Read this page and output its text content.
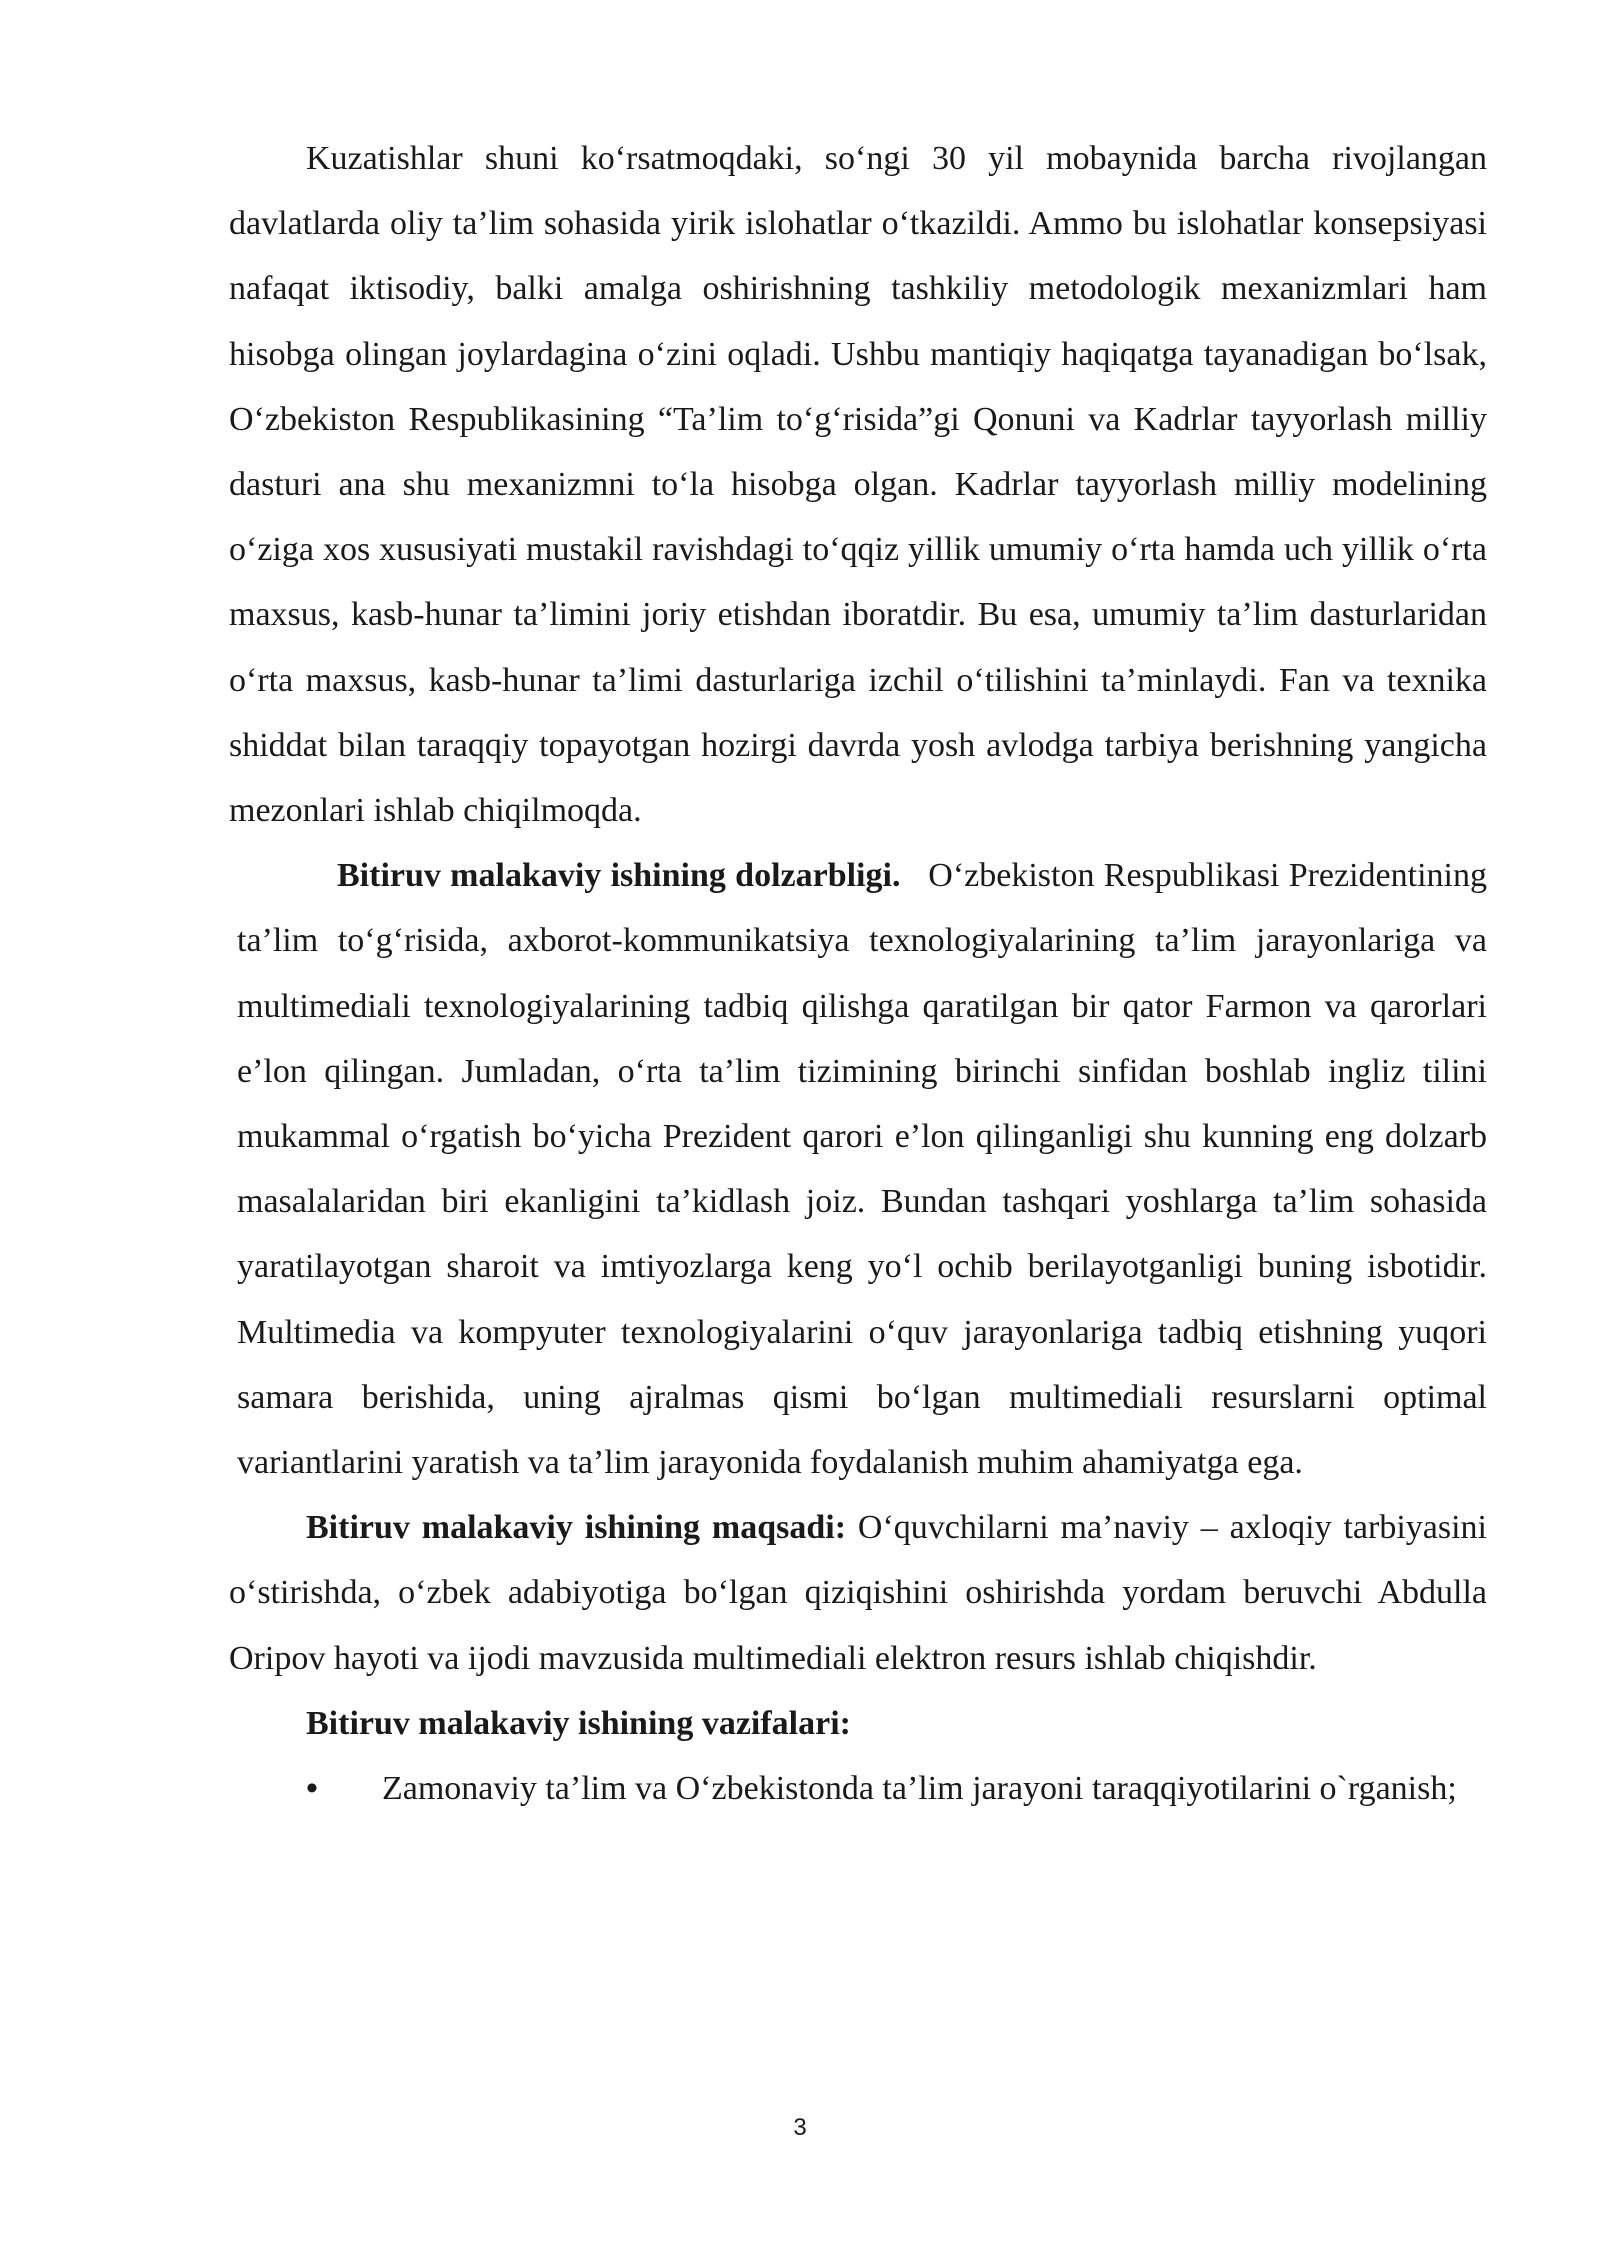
Kuzatishlar shuni ko‘rsatmoqdaki, so‘ngi 30 yil mobaynida barcha rivojlangan davlatlarda oliy ta’lim sohasida yirik islohatlar o‘tkazildi. Ammo bu islohatlar konsepsiyasi nafaqat iktisodiy, balki amalga oshirishning tashkiliy metodologik mexanizmlari ham hisobga olingan joylardagina o‘zini oqladi. Ushbu mantiqiy haqiqatga tayanadigan bo‘lsak, O‘zbekiston Respublikasining “Ta’lim to‘g‘risida”gi Qonuni va Kadrlar tayyorlash milliy dasturi ana shu mexanizmni to‘la hisobga olgan. Kadrlar tayyorlash milliy modelining o‘ziga xos xususiyati mustakil ravishdagi to‘qqiz yillik umumiy o‘rta hamda uch yillik o‘rta maxsus, kasb-hunar ta’limini joriy etishdan iboratdir. Bu esa, umumiy ta’lim dasturlaridan o‘rta maxsus, kasb-hunar ta’limi dasturlariga izchil o‘tilishini ta’minlaydi. Fan va texnika shiddat bilan taraqqiy topayotgan hozirgi davrda yosh avlodga tarbiya berishning yangicha mezonlari ishlab chiqilmoqda.

Bitiruv malakaviy ishining dolzarbligi. O‘zbekiston Respublikasi Prezidentining ta’lim to‘g‘risida, axborot-kommunikatsiya texnologiyalarining ta’lim jarayonlariga va multimediali texnologiyalarining tadbiq qilishga qaratilgan bir qator Farmon va qarorlari e’lon qilingan. Jumladan, o‘rta ta’lim tizimining birinchi sinfidan boshlab ingliz tilini mukammal o‘rgatish bo‘yicha Prezident qarori e’lon qilinganligi shu kunning eng dolzarb masalalaridan biri ekanligini ta’kidlash joiz. Bundan tashqari yoshlarga ta’lim sohasida yaratilayotgan sharoit va imtiyozlarga keng yo‘l ochib berilayotganligi buning isbotidir. Multimedia va kompyuter texnologiyalarini o‘quv jarayonlariga tadbiq etishning yuqori samara berishida, uning ajralmas qismi bo‘lgan multimediali resurslarni optimal variantlarini yaratish va ta’lim jarayonida foydalanish muhim ahamiyatga ega.

Bitiruv malakaviy ishining maqsadi: O‘quvchilarni ma’naviy – axloqiy tarbiyasini o‘stirishda, o‘zbek adabiyotiga bo‘lgan qiziqishini oshirishda yordam beruvchi Abdulla Oripov hayoti va ijodi mavzusida multimediali elektron resurs ishlab chiqishdir.

Bitiruv malakaviy ishining vazifalari:

• Zamonaviy ta’lim va O‘zbekistonda ta’lim jarayoni taraqqiyotilarini o`rganish;

3
